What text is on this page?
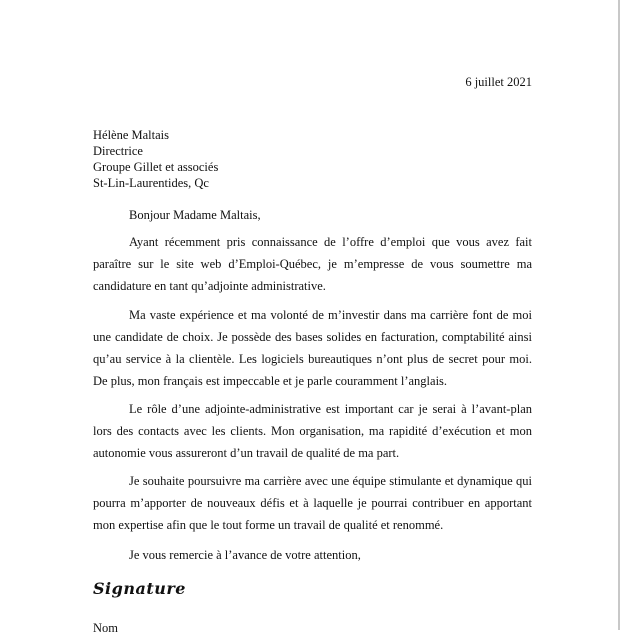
6 juillet 2021
Hélène Maltais
Directrice
Groupe Gillet et associés
St-Lin-Laurentides, Qc
Bonjour Madame Maltais,

Ayant récemment pris connaissance de l’offre d’emploi que vous avez fait paraître sur le site web d’Emploi-Québec, je m’empresse de vous soumettre ma candidature en tant qu’adjointe administrative.

Ma vaste expérience et ma volonté de m’investir dans ma carrière font de moi une candidate de choix. Je possède des bases solides en facturation, comptabilité ainsi qu’au service à la clientèle. Les logiciels bureautiques n’ont plus de secret pour moi. De plus, mon français est impeccable et je parle couramment l’anglais.

Le rôle d’une adjointe-administrative est important car je serai à l’avant-plan lors des contacts avec les clients. Mon organisation, ma rapidité d’exécution et mon autonomie vous assureront d’un travail de qualité de ma part.

Je souhaite poursuivre ma carrière avec une équipe stimulante et dynamique qui pourra m’apporter de nouveaux défis et à laquelle je pourrai contribuer en apportant mon expertise afin que le tout forme un travail de qualité et renommé.

Je vous remercie à l’avance de votre attention,
Signature
Nom
